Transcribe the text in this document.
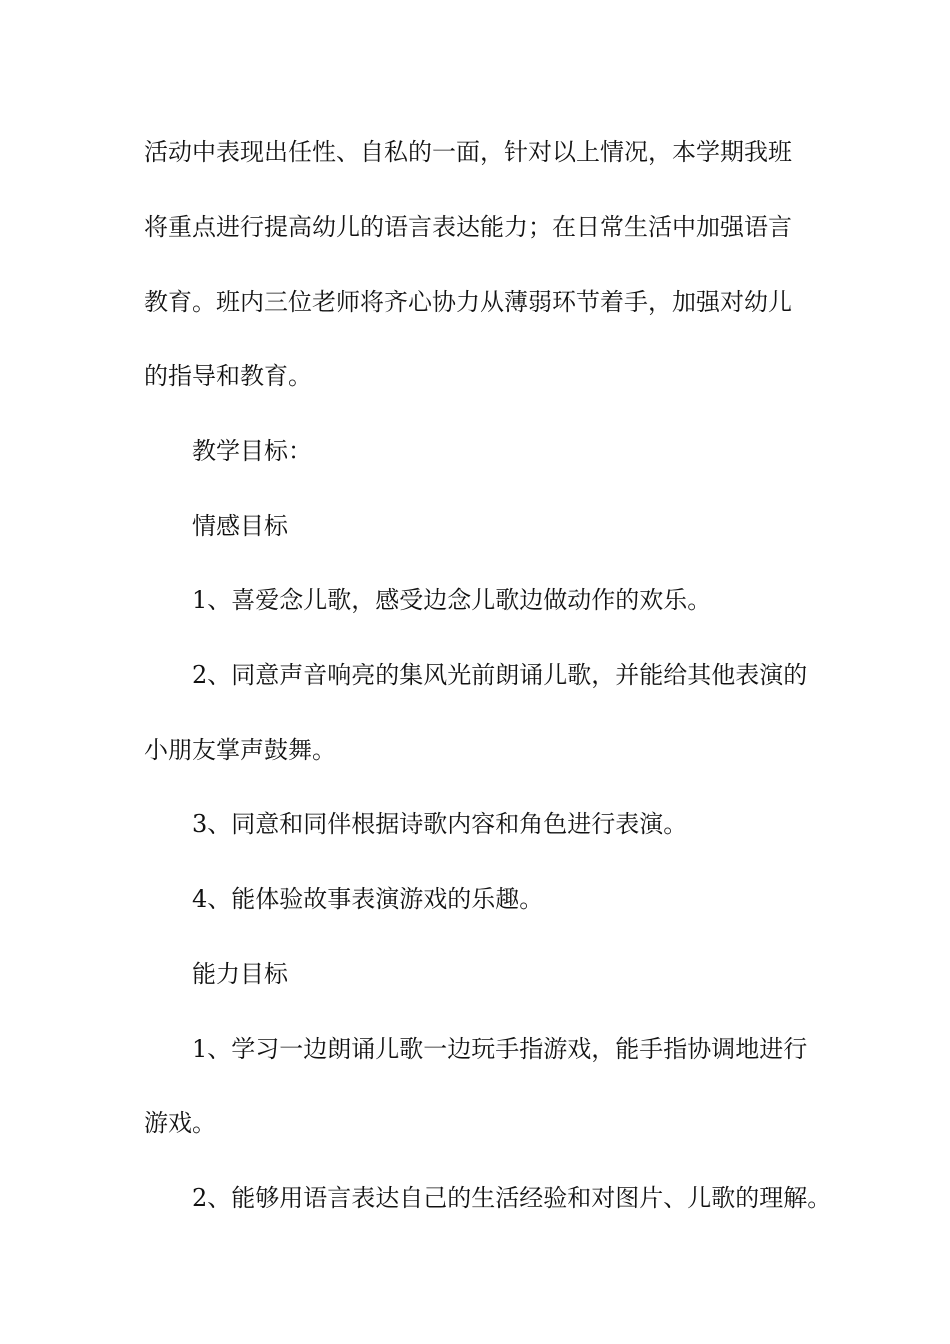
活动中表现出任性、自私的一面，针对以上情况，本学期我班
将重点进行提高幼儿的语言表达能力；在日常生活中加强语言
教育。班内三位老师将齐心协力从薄弱环节着手，加强对幼儿
的指导和教育。
教学目标：
情感目标
1、喜爱念儿歌，感受边念儿歌边做动作的欢乐。
2、同意声音响亮的集风光前朗诵儿歌，并能给其他表演的
小朋友掌声鼓舞。
3、同意和同伴根据诗歌内容和角色进行表演。
4、能体验故事表演游戏的乐趣。
能力目标
1、学习一边朗诵儿歌一边玩手指游戏，能手指协调地进行
游戏。
2、能够用语言表达自己的生活经验和对图片、儿歌的理解。
